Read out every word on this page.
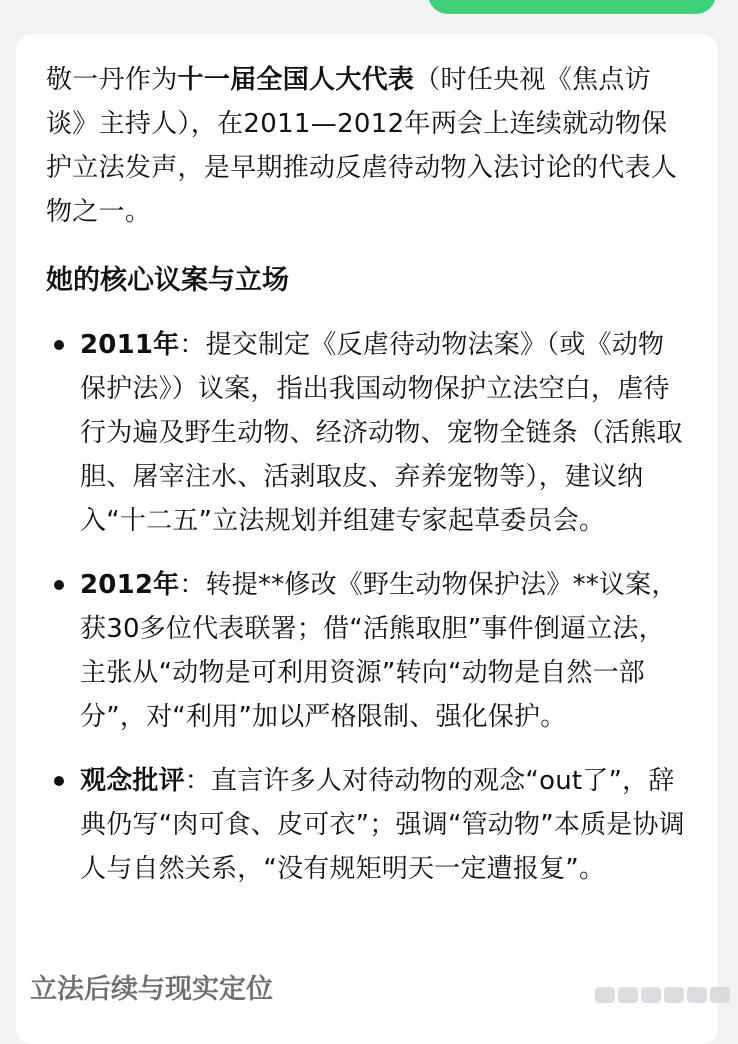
敬一丹作为十一届全国人大代表（时任央视《焦点访谈》主持人），在2011—2012年两会上连续就动物保护立法发声，是早期推动反虐待动物入法讨论的代表人物之一。

她的核心议案与立场
2011年：提交制定《反虐待动物法案》（或《动物保护法》）议案，指出我国动物保护立法空白，虐待行为遍及野生动物、经济动物、宠物全链条（活熊取胆、屠宰注水、活剥取皮、弃养宠物等），建议纳入“十二五”立法规划并组建专家起草委员会。
2012年：转提**修改《野生动物保护法》**议案，获30多位代表联署；借“活熊取胆”事件倒逼立法，主张从“动物是可利用资源”转向“动物是自然一部分”，对“利用”加以严格限制、强化保护。
观念批评：直言许多人对待动物的观念“out了”，辞典仍写“肉可食、皮可衣”；强调“管动物”本质是协调人与自然关系，“没有规矩明天一定遭报复”。
立法后续与现实定位
